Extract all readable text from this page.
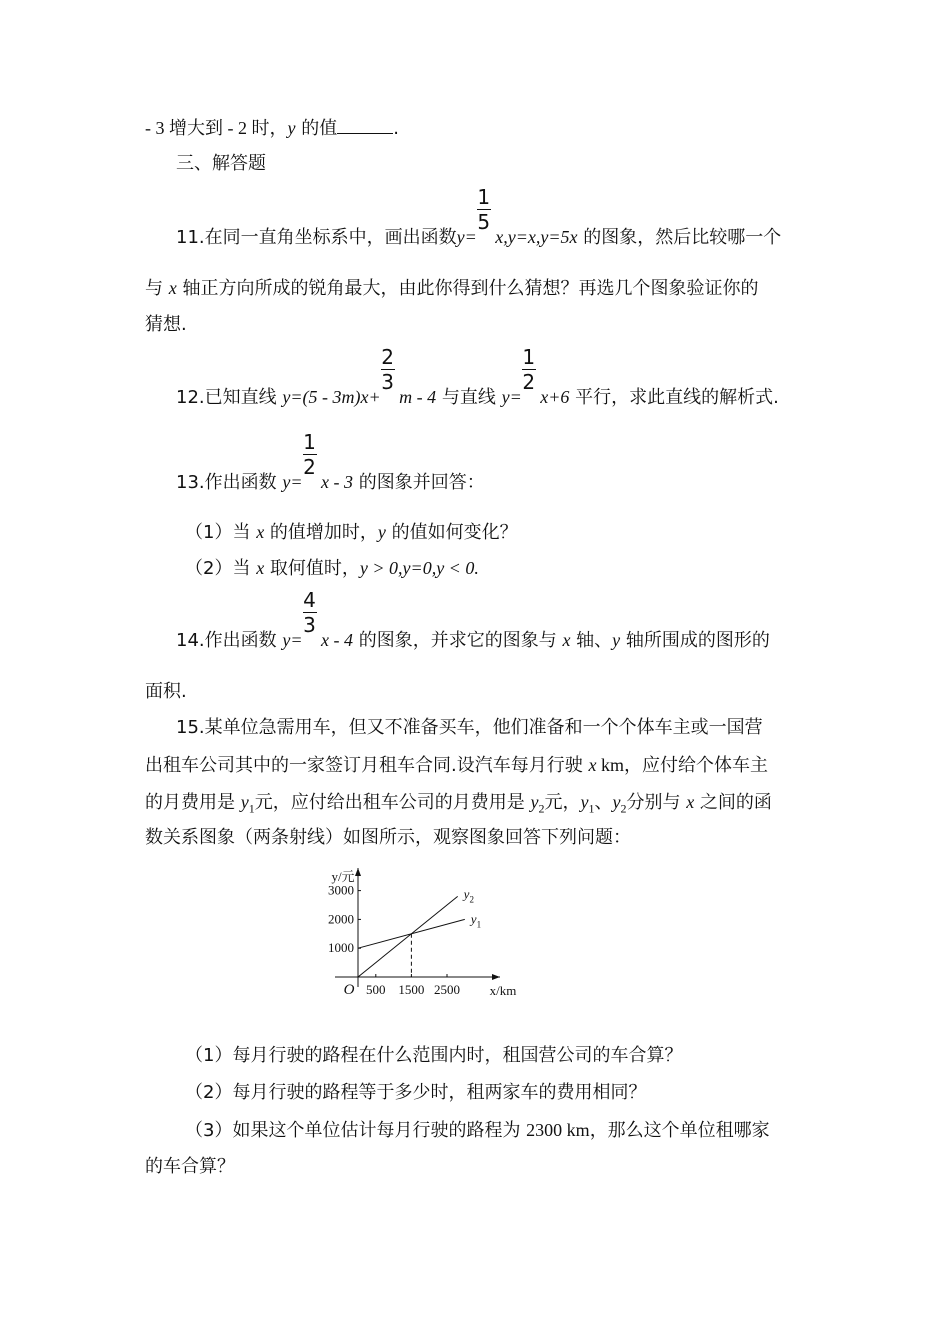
- 3 增大到 - 2 时，y 的值	.
三、解答题
11.在同一直角坐标系中，画出函数$y= \frac{1}{5} x,y=x,y=5x$ 的图象，然后比较哪一个
与 x 轴正方向所成的锐角最大，由此你得到什么猜想？再选几个图象验证你的
猜想.
12.已知直线 $y=(5 - 3m)x+ \frac{2}{3}$ m - 4 与直线 $y= \frac{1}{2} x+6$ 平行，求此直线的解析式.
13.作出函数 $y= \frac{1}{2}$ x - 3 的图象并回答：
（1）当 x 的值增加时，y 的值如何变化？
（2）当 x 取何值时，y > 0,y=0,y < 0.
14.作出函数 $y= \frac{4}{3}$ x - 4 的图象，并求它的图象与 x 轴、y 轴所围成的图形的
面积.
15.某单位急需用车，但又不准备买车，他们准备和一个个体车主或一国营
出租车公司其中的一家签订月租车合同.设汽车每月行驶 x km，应付给个体车主
的月费用是 $y_1$元，应付给出租车公司的月费用是 $y_2$元，$y_1$、$y_2$分别与 x 之间的函
数关系图象（两条射线）如图所示，观察图象回答下列问题：
y/元
x/km
O 500 1500 2500
1000
2000
3000
$y_1$
$y_2$
（1）每月行驶的路程在什么范围内时，租国营公司的车合算？
（2）每月行驶的路程等于多少时，租两家车的费用相同？
（3）如果这个单位估计每月行驶的路程为 2300 km，那么这个单位租哪家
的车合算？
